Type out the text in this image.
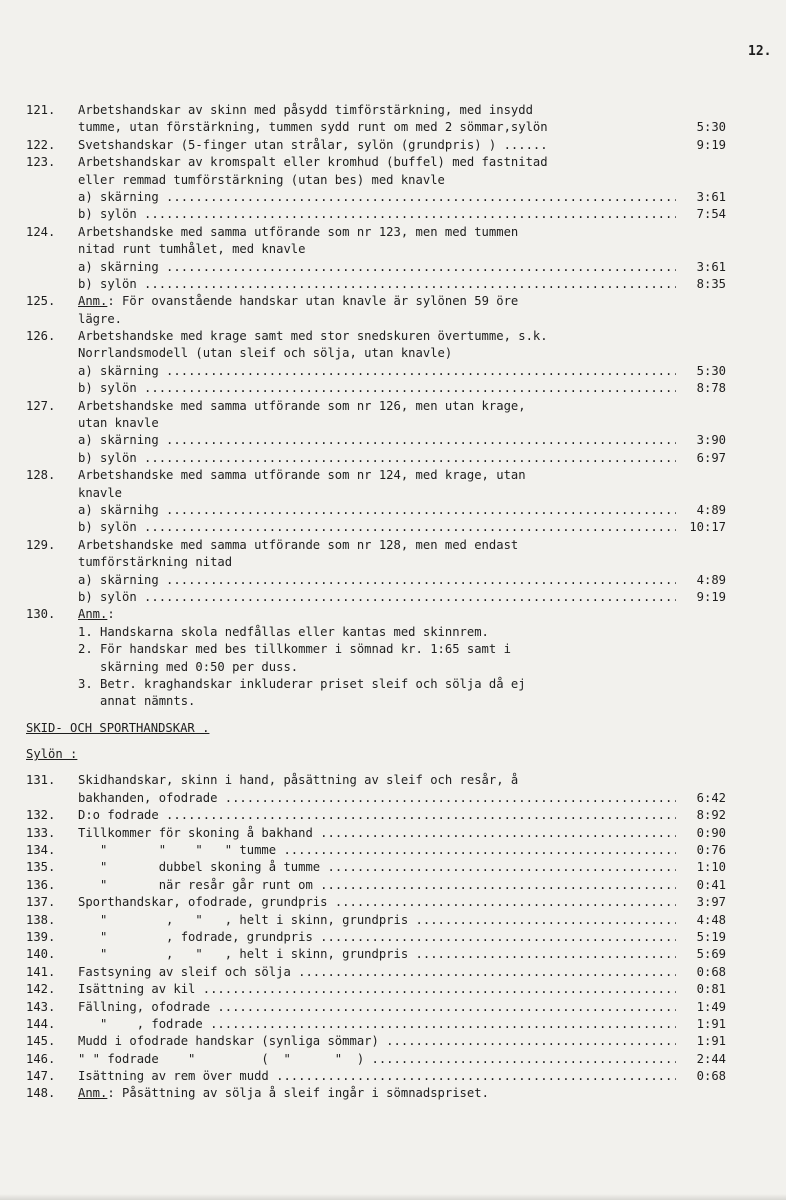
12.
121.	Arbetshandskar av skinn med påsydd timförstärkning, med insydd
tumme, utan förstärkning, tummen sydd runt om med 2 sömmar,sylön	5:30
122.	Svetshandskar (5-finger utan strålar, sylön (grundpris) ) ......	9:19
123.	Arbetshandskar av kromspalt eller kromhud (buffel) med fastnitad
eller remmad tumförstärkning (utan bes) med knavle
a) skärning .....	3:61
b) sylön .....	7:54
124.	Arbetshandske med samma utförande som nr 123, men med tummen
nitad runt tumhålet, med knavle
a) skärning .....	3:61
b) sylön .....	8:35
125.	Anm.: För ovanstående handskar utan knavle är sylönen 59 öre
lägre.
126.	Arbetshandske med krage samt med stor snedskuren övertumme, s.k.
Norrlandsmodell (utan sleif och sölja, utan knavle)
a) skärning .....	5:30
b) sylön .....	8:78
127.	Arbetshandske med samma utförande som nr 126, men utan krage,
utan knavle
a) skärning .....	3:90
b) sylön .....	6:97
128.	Arbetshandske med samma utförande som nr 124, med krage, utan
knavle
a) skärnihg .....	4:89
b) sylön .....	10:17
129.	Arbetshandske med samma utförande som nr 128, men med endast
tumförstärkning nitad
a) skärning .....	4:89
b) sylön .....	9:19
130.	Anm.:
1. Handskarna skola nedfållas eller kantas med skinnrem.
2. För handskar med bes tillkommer i sömnad kr. 1:65 samt i
skärning med 0:50 per duss.
3. Betr. kraghandskar inkluderar priset sleif och sölja då ej
annat nämnts.
SKID- OCH SPORTHANDSKAR .
Sylön :
131.	Skidhandskar, skinn i hand, påsättning av sleif och resår, å
bakhanden, ofodrade .....	6:42
132.	D:o fodrade .....	8:92
133.	Tillkommer för skoning å bakhand .....	0:90
134.	"       "    "   " tumme .....	0:76
135.	"       dubbel skoning å tumme .....	1:10
136.	"       när resår går runt om .....	0:41
137.	Sporthandskar, ofodrade, grundpris .....	3:97
138.	"        ,   "   , helt i skinn, grundpris .....	4:48
139.	"        , fodrade, grundpris .....	5:19
140.	"        ,   "   , helt i skinn, grundpris .....	5:69
141.	Fastsyning av sleif och sölja .....	0:68
142.	Isättning av kil .....	0:81
143.	Fällning, ofodrade .....	1:49
144.	"    , fodrade .....	1:91
145.	Mudd i ofodrade handskar (synliga sömmar) .....	1:91
146.	" " fodrade    "         (  "      "  ) .....	2:44
147.	Isättning av rem över mudd .....	0:68
148.	Anm.: Påsättning av sölja å sleif ingår i sömnadspriset.
